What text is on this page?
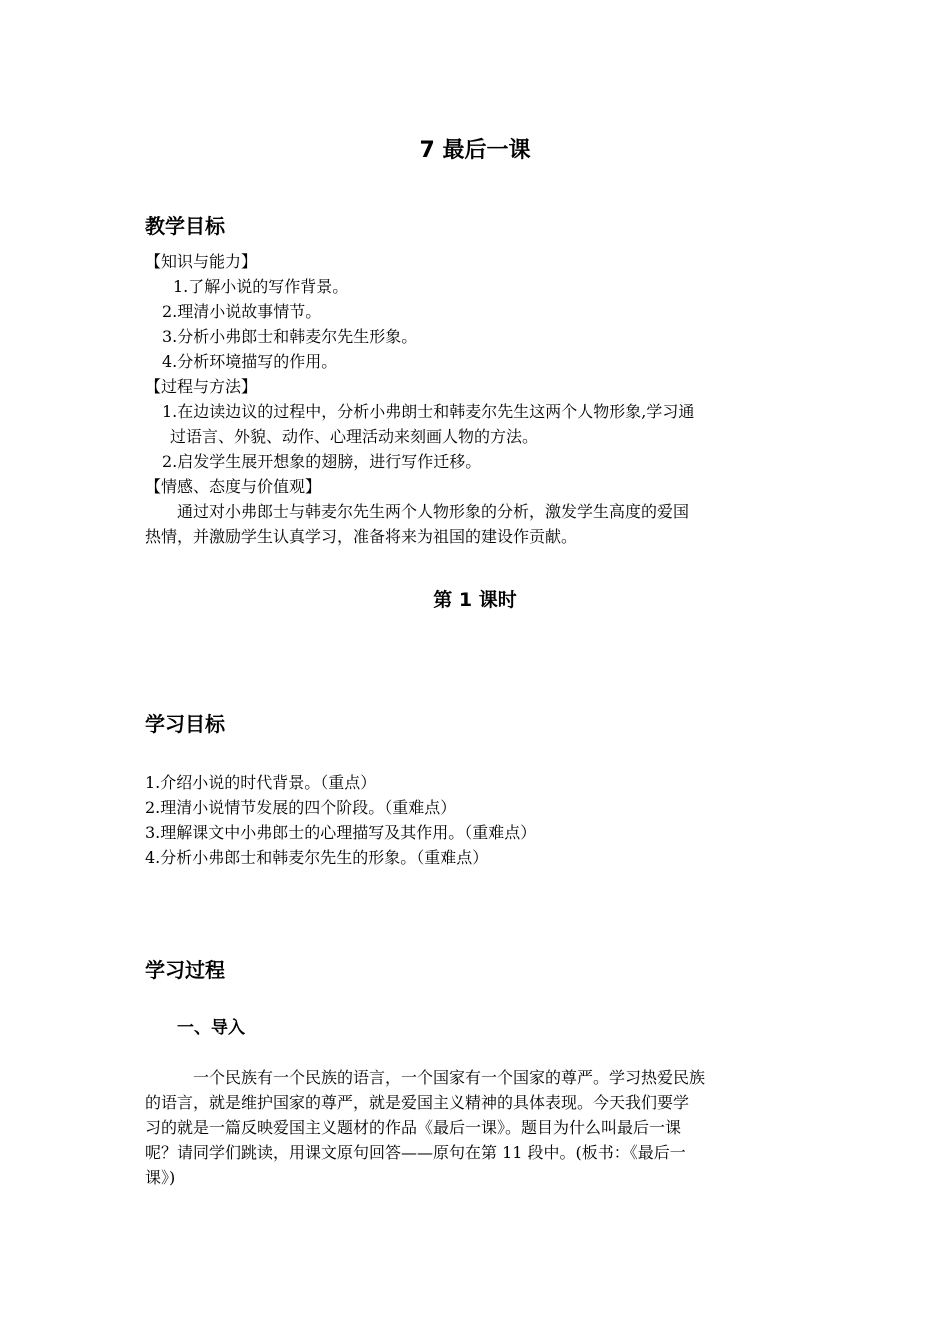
7 最后一课
教学目标
【知识与能力】
1.了解小说的写作背景。
2.理清小说故事情节。
3.分析小弗郎士和韩麦尔先生形象。
4.分析环境描写的作用。
【过程与方法】
1.在边读边议的过程中，分析小弗朗士和韩麦尔先生这两个人物形象,学习通
过语言、外貌、动作、心理活动来刻画人物的方法。
2.启发学生展开想象的翅膀，进行写作迁移。
【情感、态度与价值观】
通过对小弗郎士与韩麦尔先生两个人物形象的分析，激发学生高度的爱国
热情，并激励学生认真学习，准备将来为祖国的建设作贡献。
第 1 课时
学习目标
1.介绍小说的时代背景。（重点）
2.理清小说情节发展的四个阶段。（重难点）
3.理解课文中小弗郎士的心理描写及其作用。（重难点）
4.分析小弗郎士和韩麦尔先生的形象。（重难点）
学习过程
一、导入
一个民族有一个民族的语言，一个国家有一个国家的尊严。学习热爱民族
的语言，就是维护国家的尊严，就是爱国主义精神的具体表现。今天我们要学
习的就是一篇反映爱国主义题材的作品《最后一课》。题目为什么叫最后一课
呢？请同学们跳读，用课文原句回答——原句在第 11 段中。(板书：《最后一
课》)
